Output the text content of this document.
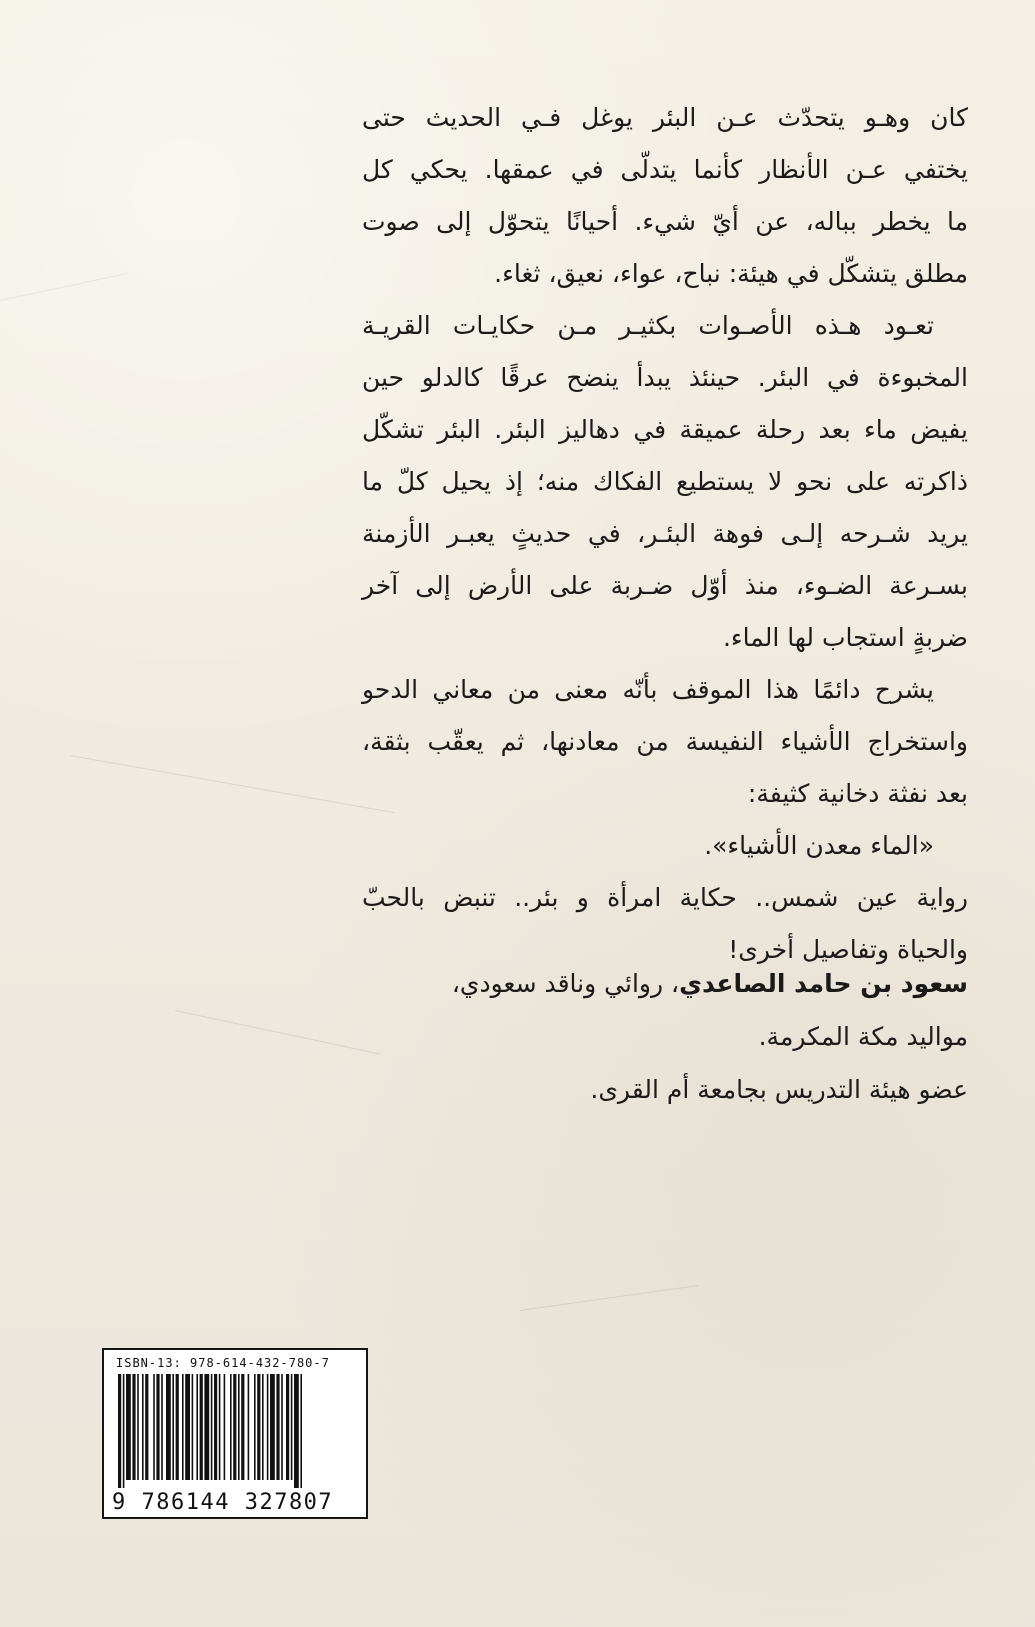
كان وهـو يتحدّث عـن البئر يوغل فـي الحديث حتى
يختفي عـن الأنظار كأنما يتدلّى في عمقها. يحكي كل
ما يخطر بباله، عن أيّ شيء. أحيانًا يتحوّل إلى صوت
مطلق يتشكّل في هيئة: نباح، عواء، نعيق، ثغاء.
تعـود هـذه الأصـوات بكثيـر مـن حكايـات القريـة
المخبوءة في البئر. حينئذ يبدأ ينضح عرقًا كالدلو حين
يفيض ماء بعد رحلة عميقة في دهاليز البئر. البئر تشكّل
ذاكرته على نحو لا يستطيع الفكاك منه؛ إذ يحيل كلّ ما
يريد شـرحه إلـى فوهة البئـر، في حديثٍ يعبـر الأزمنة
بسـرعة الضـوء، منذ أوّل ضـربة على الأرض إلى آخر
ضربةٍ استجاب لها الماء.
يشرح دائمًا هذا الموقف بأنّه معنى من معاني الدحو
واستخراج الأشياء النفيسة من معادنها، ثم يعقّب بثقة،
بعد نفثة دخانية كثيفة:
«الماء معدن الأشياء».
رواية عين شمس.. حكاية امرأة و بئر.. تنبض بالحبّ
والحياة وتفاصيل أخرى!
سعود بن حامد الصاعدي، روائي وناقد سعودي،
مواليد مكة المكرمة.
عضو هيئة التدريس بجامعة أم القرى.
ISBN-13: 978-614-432-780-7
9 786144 327807
